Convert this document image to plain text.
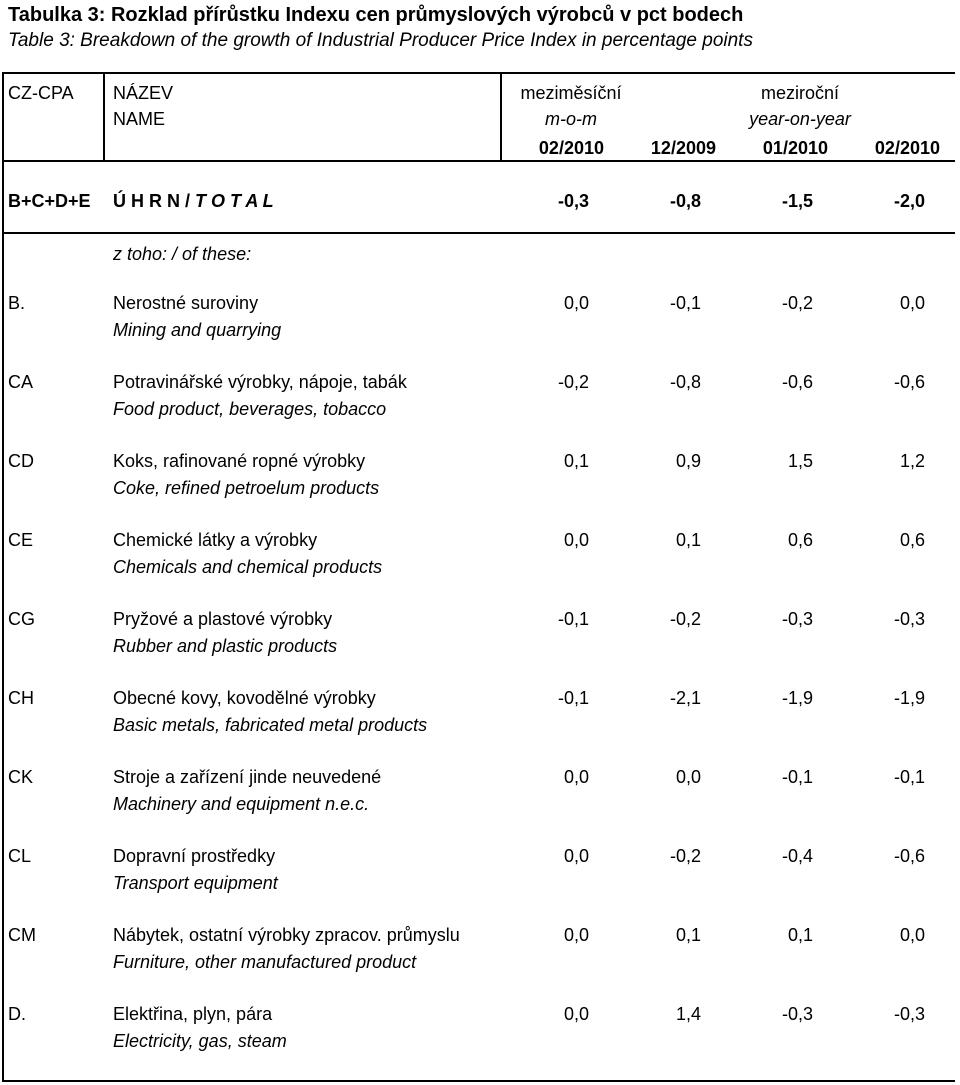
Tabulka 3: Rozklad přírůstku Indexu cen průmyslových výrobců v pct bodech
Table 3: Breakdown of the growth of Industrial Producer Price Index in percentage points
CZ-CPA NÁZEV
NAME
meziměsíční
m-o-m
meziroční
year-on-year
02/2010	12/2009	01/2010	02/2010
B+C+D+E Ú H R N / T O T A L	-0,3	-0,8	-1,5	-2,0
z toho: / of these:
B.	Nerostné suroviny
Mining and quarrying
0,0	-0,1	-0,2	0,0
CA	Potravinářské výrobky, nápoje, tabák
Food product, beverages, tobacco
-0,2	-0,8	-0,6	-0,6
CD	Koks, rafinované ropné výrobky
Coke, refined petroelum products
0,1	0,9	1,5	1,2
CE	Chemické látky a výrobky
Chemicals and chemical products
0,0	0,1	0,6	0,6
CG	Pryžové a plastové výrobky
Rubber and plastic products
-0,1	-0,2	-0,3	-0,3
CH	Obecné kovy, kovodělné výrobky
Basic metals, fabricated metal products
-0,1	-2,1	-1,9	-1,9
CK	Stroje a zařízení jinde neuvedené
Machinery and equipment n.e.c.
0,0	0,0	-0,1	-0,1
CL	Dopravní prostředky
Transport equipment
0,0	-0,2	-0,4	-0,6
CM	Nábytek, ostatní výrobky zpracov. průmyslu
Furniture, other manufactured product
0,0	0,1	0,1	0,0
D.	Elektřina, plyn, pára
Electricity, gas, steam
0,0	1,4	-0,3	-0,3
